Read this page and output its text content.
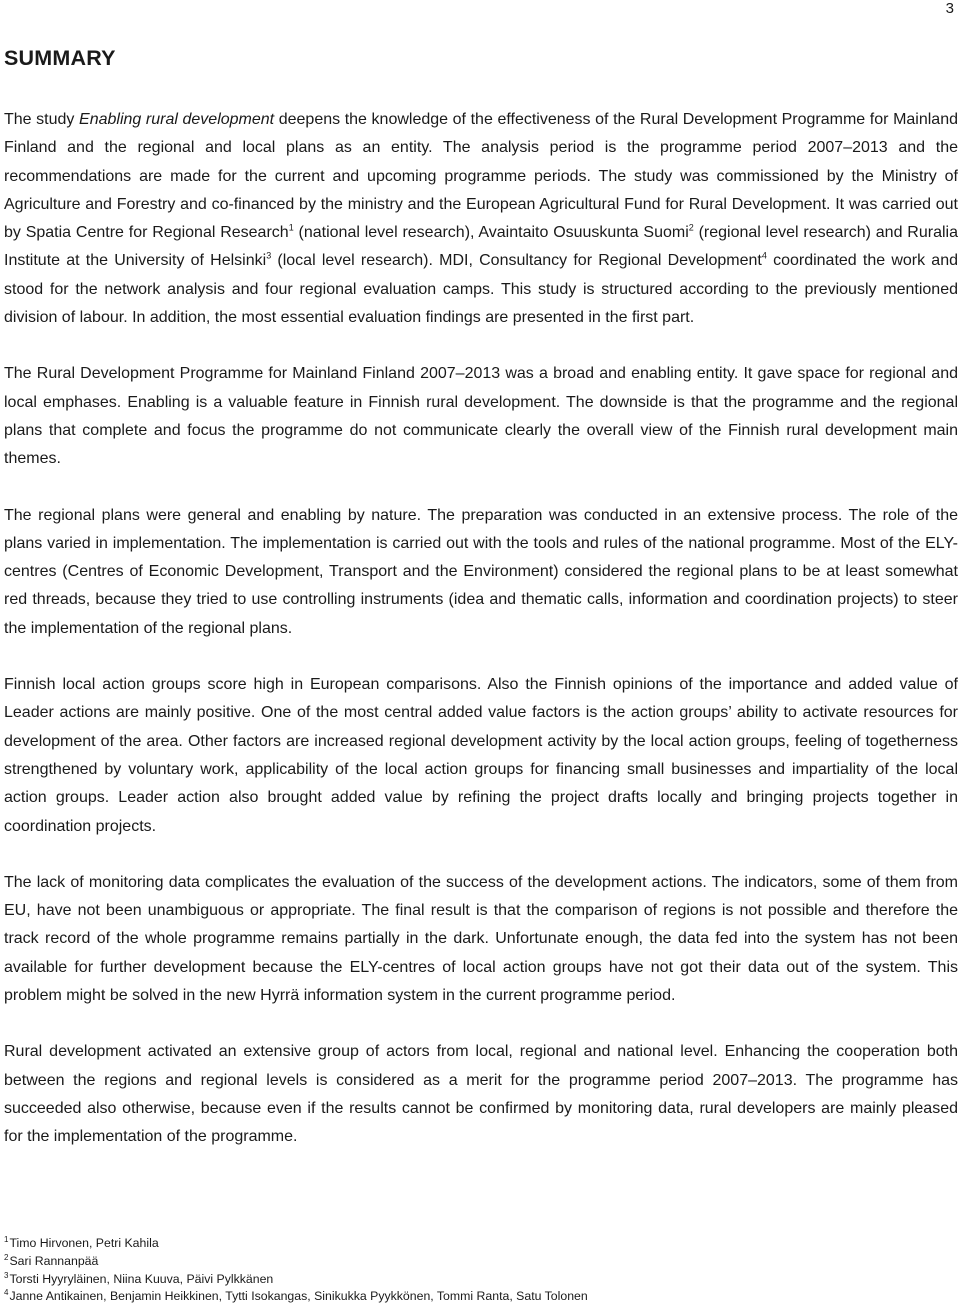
3
SUMMARY

The study Enabling rural development deepens the knowledge of the effectiveness of the Rural Development Programme for Mainland Finland and the regional and local plans as an entity. The analysis period is the programme period 2007–2013 and the recommendations are made for the current and upcoming programme periods. The study was commissioned by the Ministry of Agriculture and Forestry and co-financed by the ministry and the European Agricultural Fund for Rural Development. It was carried out by Spatia Centre for Regional Research$^1$ (national level research), Avaintaito Osuuskunta Suomi$^2$ (regional level research) and Ruralia Institute at the University of Helsinki$^3$ (local level research). MDI, Consultancy for Regional Development$^4$ coordinated the work and stood for the network analysis and four regional evaluation camps. This study is structured according to the previously mentioned division of labour. In addition, the most essential evaluation findings are presented in the first part.

The Rural Development Programme for Mainland Finland 2007–2013 was a broad and enabling entity. It gave space for regional and local emphases. Enabling is a valuable feature in Finnish rural development. The downside is that the programme and the regional plans that complete and focus the programme do not communicate clearly the overall view of the Finnish rural development main themes.

The regional plans were general and enabling by nature. The preparation was conducted in an extensive process. The role of the plans varied in implementation. The implementation is carried out with the tools and rules of the national programme. Most of the ELY-centres (Centres of Economic Development, Transport and the Environment) considered the regional plans to be at least somewhat red threads, because they tried to use controlling instruments (idea and thematic calls, information and coordination projects) to steer the implementation of the regional plans.

Finnish local action groups score high in European comparisons. Also the Finnish opinions of the importance and added value of Leader actions are mainly positive. One of the most central added value factors is the action groups’ ability to activate resources for development of the area. Other factors are increased regional development activity by the local action groups, feeling of togetherness strengthened by voluntary work, applicability of the local action groups for financing small businesses and impartiality of the local action groups. Leader action also brought added value by refining the project drafts locally and bringing projects together in coordination projects.

The lack of monitoring data complicates the evaluation of the success of the development actions. The indicators, some of them from EU, have not been unambiguous or appropriate. The final result is that the comparison of regions is not possible and therefore the track record of the whole programme remains partially in the dark. Unfortunate enough, the data fed into the system has not been available for further development because the ELY-centres of local action groups have not got their data out of the system. This problem might be solved in the new Hyrrä information system in the current programme period.

Rural development activated an extensive group of actors from local, regional and national level. Enhancing the cooperation both between the regions and regional levels is considered as a merit for the programme period 2007–2013. The programme has succeeded also otherwise, because even if the results cannot be confirmed by monitoring data, rural developers are mainly pleased for the implementation of the programme.

$^1$Timo Hirvonen, Petri Kahila
$^2$Sari Rannanpää
$^3$Torsti Hyyryläinen, Niina Kuuva, Päivi Pylkkänen
$^4$Janne Antikainen, Benjamin Heikkinen, Tytti Isokangas, Sinikukka Pyykkönen, Tommi Ranta, Satu Tolonen
